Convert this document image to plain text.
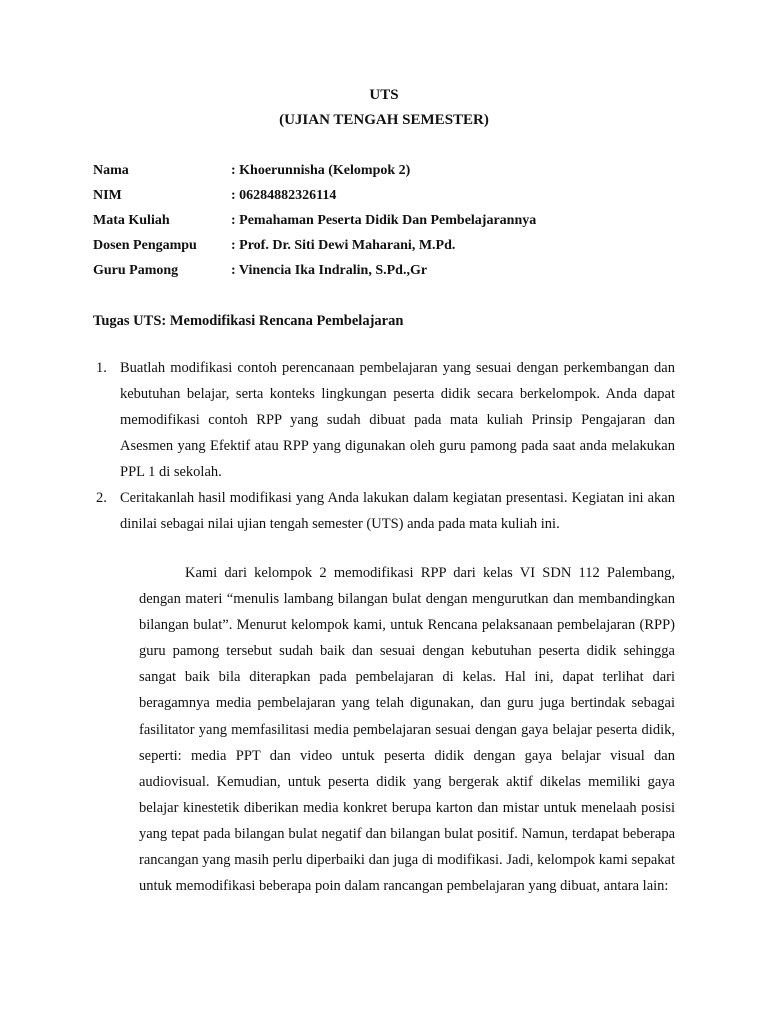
UTS
(UJIAN TENGAH SEMESTER)
Nama	: Khoerunnisha (Kelompok 2)
NIM	: 06284882326114
Mata Kuliah	: Pemahaman Peserta Didik Dan Pembelajarannya
Dosen Pengampu : Prof. Dr. Siti Dewi Maharani, M.Pd.
Guru Pamong	: Vinencia Ika Indralin, S.Pd.,Gr
Tugas UTS: Memodifikasi Rencana Pembelajaran
1. Buatlah modifikasi contoh perencanaan pembelajaran yang sesuai dengan perkembangan dan kebutuhan belajar, serta konteks lingkungan peserta didik secara berkelompok. Anda dapat memodifikasi contoh RPP yang sudah dibuat pada mata kuliah Prinsip Pengajaran dan Asesmen yang Efektif atau RPP yang digunakan oleh guru pamong pada saat anda melakukan PPL 1 di sekolah.
2. Ceritakanlah hasil modifikasi yang Anda lakukan dalam kegiatan presentasi. Kegiatan ini akan dinilai sebagai nilai ujian tengah semester (UTS) anda pada mata kuliah ini.

Kami dari kelompok 2 memodifikasi RPP dari kelas VI SDN 112 Palembang, dengan materi “menulis lambang bilangan bulat dengan mengurutkan dan membandingkan bilangan bulat”. Menurut kelompok kami, untuk Rencana pelaksanaan pembelajaran (RPP) guru pamong tersebut sudah baik dan sesuai dengan kebutuhan peserta didik sehingga sangat baik bila diterapkan pada pembelajaran di kelas. Hal ini, dapat terlihat dari beragamnya media pembelajaran yang telah digunakan, dan guru juga bertindak sebagai fasilitator yang memfasilitasi media pembelajaran sesuai dengan gaya belajar peserta didik, seperti: media PPT dan video untuk peserta didik dengan gaya belajar visual dan audiovisual. Kemudian, untuk peserta didik yang bergerak aktif dikelas memiliki gaya belajar kinestetik diberikan media konkret berupa karton dan mistar untuk menelaah posisi yang tepat pada bilangan bulat negatif dan bilangan bulat positif. Namun, terdapat beberapa rancangan yang masih perlu diperbaiki dan juga di modifikasi. Jadi, kelompok kami sepakat untuk memodifikasi beberapa poin dalam rancangan pembelajaran yang dibuat, antara lain:
